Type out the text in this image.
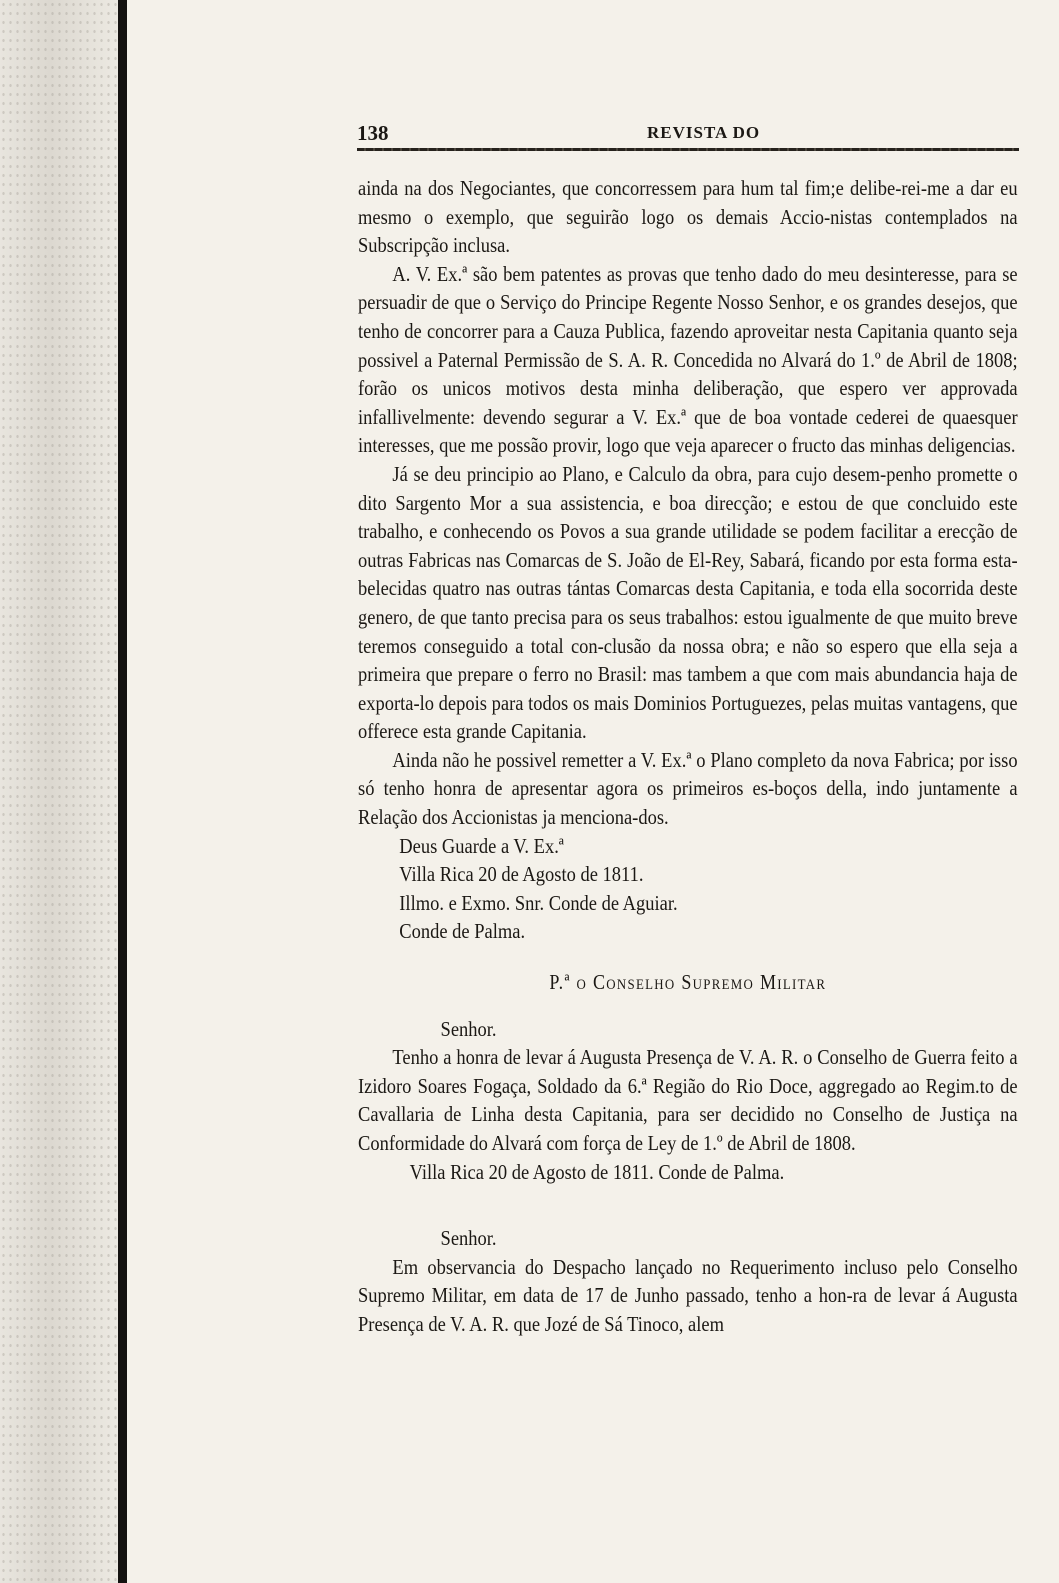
138	REVISTA DO

ainda na dos Negociantes, que concorressem para hum tal fim;e delibe-rei-me a dar eu mesmo o exemplo, que seguirão logo os demais Accio-nistas contemplados na Subscripção inclusa.

A. V. Ex.ª são bem patentes as provas que tenho dado do meu desinteresse, para se persuadir de que o Serviço do Principe Regente Nosso Senhor, e os grandes desejos, que tenho de concorrer para a Cauza Publica, fazendo aproveitar nesta Capitania quanto seja possivel a Paternal Permissão de S. A. R. Concedida no Alvará do 1.º de Abril de 1808; forão os unicos motivos desta minha deliberação, que espero ver approvada infallivelmente: devendo segurar a V. Ex.ª que de boa vontade cederei de quaesquer interesses, que me possão provir, logo que veja aparecer o fructo das minhas deligencias.

Já se deu principio ao Plano, e Calculo da obra, para cujo desem-penho promette o dito Sargento Mor a sua assistencia, e boa direcção; e estou de que concluido este trabalho, e conhecendo os Povos a sua grande utilidade se podem facilitar a erecção de outras Fabricas nas Comarcas de S. João de El-Rey, Sabará, ficando por esta forma esta-belecidas quatro nas outras tántas Comarcas desta Capitania, e toda ella socorrida deste genero, de que tanto precisa para os seus trabalhos: estou igualmente de que muito breve teremos conseguido a total con-clusão da nossa obra; e não so espero que ella seja a primeira que prepare o ferro no Brasil: mas tambem a que com mais abundancia haja de exporta-lo depois para todos os mais Dominios Portuguezes, pelas muitas vantagens, que offerece esta grande Capitania.

Ainda não he possivel remetter a V. Ex.ª o Plano completo da nova Fabrica; por isso só tenho honra de apresentar agora os primeiros es-boços della, indo juntamente a Relação dos Accionistas ja menciona-dos.

Deus Guarde a V. Ex.ª
Villa Rica 20 de Agosto de 1811.
Illmo. e Exmo. Snr. Conde de Aguiar.
Conde de Palma.
P.ª o Conselho Supremo Militar
Senhor.

Tenho a honra de levar á Augusta Presença de V. A. R. o Conselho de Guerra feito a Izidoro Soares Fogaça, Soldado da 6.ª Região do Rio Doce, aggregado ao Regim.to de Cavallaria de Linha desta Capitania, para ser decidido no Conselho de Justiça na Conformidade do Alvará com força de Ley de 1.º de Abril de 1808.

Villa Rica 20 de Agosto de 1811. Conde de Palma.

Senhor.

Em observancia do Despacho lançado no Requerimento incluso pelo Conselho Supremo Militar, em data de 17 de Junho passado, tenho a hon-ra de levar á Augusta Presença de V. A. R. que Jozé de Sá Tinoco, alem
